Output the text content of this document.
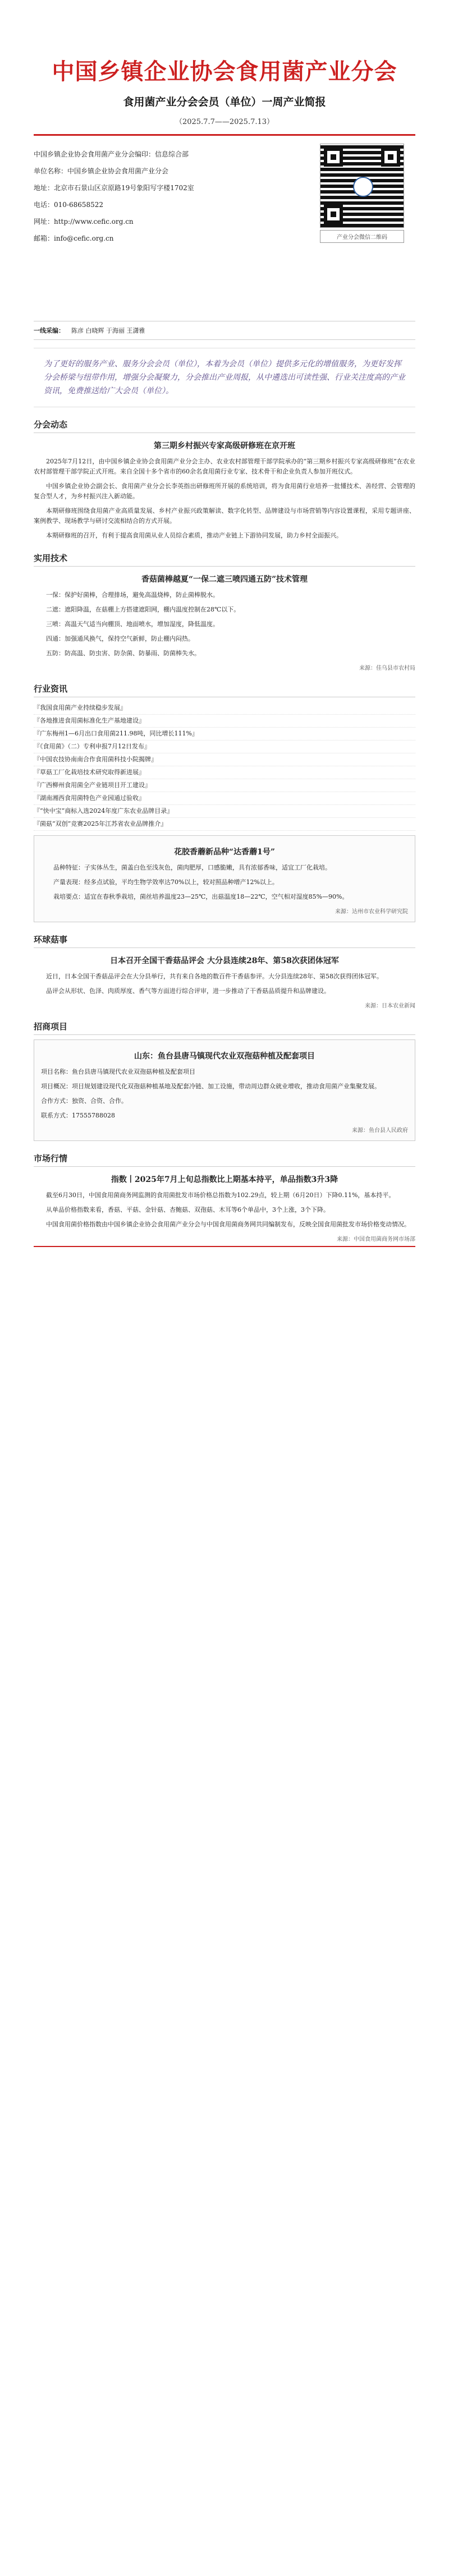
中国乡镇企业协会食用菌产业分会
食用菌产业分会会员（单位）一周产业简报
（2025.7.7——2025.7.13）
中国乡镇企业协会食用菌产业分会编印：信息综合部
单位名称：中国乡镇企业协会食用菌产业分会
地址：北京市石景山区京原路19号象阳写字楼1702室
电话：010-68658522
网址：http://www.cefic.org.cn
邮箱：info@cefic.org.cn	产业分会微信二维码
一线采编： 陈彦 白晓辉 于海丽 王潇雅
为了更好的服务产业、服务分会会员（单位），本着为会员（单位）提供多元化的增值服务，为更好发挥分会桥梁与纽带作用，增强分会凝聚力，分会推出产业周报，从中遴选出可读性强、行业关注度高的产业资讯，免费推送给广大会员（单位）。
分会动态
第三期乡村振兴专家高级研修班在京开班

2025年7月12日，由中国乡镇企业协会食用菌产业分会主办、农业农村部管理干部学院承办的“第三期乡村振兴专家高级研修班”在农业农村部管理干部学院正式开班。来自全国十多个省市的60余名食用菌行业专家、技术骨干和企业负责人参加开班仪式。

中国乡镇企业协会副会长、食用菌产业分会长李英指出研修班所开展的系统培训，将为食用菌行业培养一批懂技术、善经营、会管理的复合型人才，为乡村振兴注入新动能。

本期研修班围绕食用菌产业高质量发展、乡村产业振兴政策解读、数字化转型、品牌建设与市场营销等内容设置课程，采用专题讲座、案例教学、现场教学与研讨交流相结合的方式开展。

本期研修班的召开，有利于提高食用菌从业人员综合素质，推动产业链上下游协同发展，助力乡村全面振兴。

实用技术
香菇菌棒越夏“一保二遮三喷四通五防”技术管理

一保：保护好菌棒，合理排场，避免高温烧棒，防止菌棒脱水。

二遮：遮阳降温，在菇棚上方搭建遮阳网，棚内温度控制在28℃以下。

三喷：高温天气适当向棚顶、地面喷水，增加湿度，降低温度。

四通：加强通风换气，保持空气新鲜，防止棚内闷热。

五防：防高温、防虫害、防杂菌、防暴雨、防菌棒失水。

来源：佳乌县市农村局
行业资讯
『我国食用菌产业持续稳步发展』
『各地推进食用菌标准化生产基地建设』
『广东梅州1—6月出口食用菌211.98吨，同比增长111%』
『《食用菌》（二）专利申报7月12日发布』
『中国农技协南南合作食用菌科技小院揭牌』
『草菇工厂化栽培技术研究取得新进展』
『广西柳州食用菌全产业链项目开工建设』
『湖南湘西食用菌特色产业园通过验收』
『“快中宝”商标入选2024年度广东农业品牌目录』
『菌菇“双创”竞赛2025年江苏省农业品牌推介』
花胶香蘑新品种“达香蘑1号”

品种特征：子实体丛生，菌盖白色至浅灰色，菌肉肥厚，口感脆嫩，具有浓郁香味，适宜工厂化栽培。

产量表现：经多点试验，平均生物学效率达70%以上，较对照品种增产12%以上。

栽培要点：适宜在春秋季栽培，菌丝培养温度23—25℃，出菇温度18—22℃，空气相对湿度85%—90%。

来源：达州市农业科学研究院
环球菇事
日本召开全国干香菇品评会 大分县连续28年、第58次获团体冠军

近日，日本全国干香菇品评会在大分县举行，共有来自各地的数百件干香菇参评。大分县连续28年、第58次获得团体冠军。

品评会从形状、色泽、肉质厚度、香气等方面进行综合评审，进一步推动了干香菇品质提升和品牌建设。

来源：日本农业新闻
招商项目
山东：鱼台县唐马镇现代农业双孢菇种植及配套项目

项目名称：鱼台县唐马镇现代农业双孢菇种植及配套项目

项目概况：项目规划建设现代化双孢菇种植基地及配套冷链、加工设施，带动周边群众就业增收，推动食用菌产业集聚发展。

合作方式：独资、合资、合作。

联系方式：17555788028

来源：鱼台县人民政府
市场行情
指数丨2025年7月上旬总指数比上期基本持平，单品指数3升3降

截至6月30日，中国食用菌商务网监测的食用菌批发市场价格总指数为102.29点，较上期（6月20日）下降0.11%，基本持平。

从单品价格指数来看，香菇、平菇、金针菇、杏鲍菇、双孢菇、木耳等6个单品中，3个上涨，3个下降。

中国食用菌价格指数由中国乡镇企业协会食用菌产业分会与中国食用菌商务网共同编制发布，反映全国食用菌批发市场价格变动情况。

来源：中国食用菌商务网市场部
